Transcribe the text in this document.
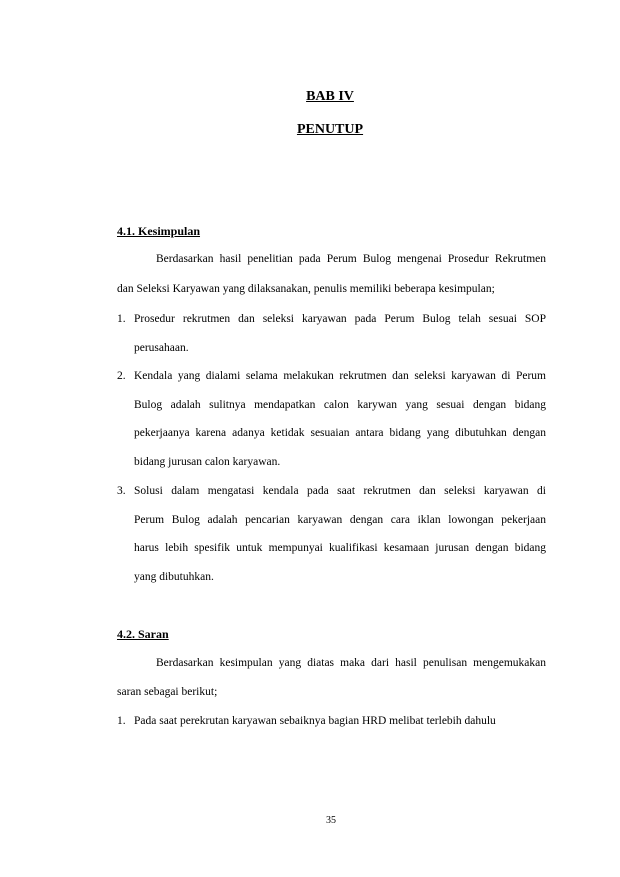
BAB IV
PENUTUP
4.1. Kesimpulan
Berdasarkan hasil penelitian pada Perum Bulog mengenai Prosedur Rekrutmen
dan Seleksi Karyawan yang dilaksanakan, penulis memiliki beberapa kesimpulan;
1. Prosedur rekrutmen dan seleksi karyawan pada Perum Bulog telah sesuai SOP
perusahaan.
2. Kendala yang dialami selama melakukan rekrutmen dan seleksi karyawan di Perum
Bulog adalah sulitnya mendapatkan calon karywan yang sesuai dengan bidang
pekerjaanya karena adanya ketidak sesuaian antara bidang yang dibutuhkan dengan
bidang jurusan calon karyawan.
3. Solusi dalam mengatasi kendala pada saat rekrutmen dan seleksi karyawan di
Perum Bulog adalah pencarian karyawan dengan cara iklan lowongan pekerjaan
harus lebih spesifik untuk mempunyai kualifikasi kesamaan jurusan dengan bidang
yang dibutuhkan.
4.2. Saran
Berdasarkan kesimpulan yang diatas maka dari hasil penulisan mengemukakan
saran sebagai berikut;
1. Pada saat perekrutan karyawan sebaiknya bagian HRD melibat terlebih dahulu
35
